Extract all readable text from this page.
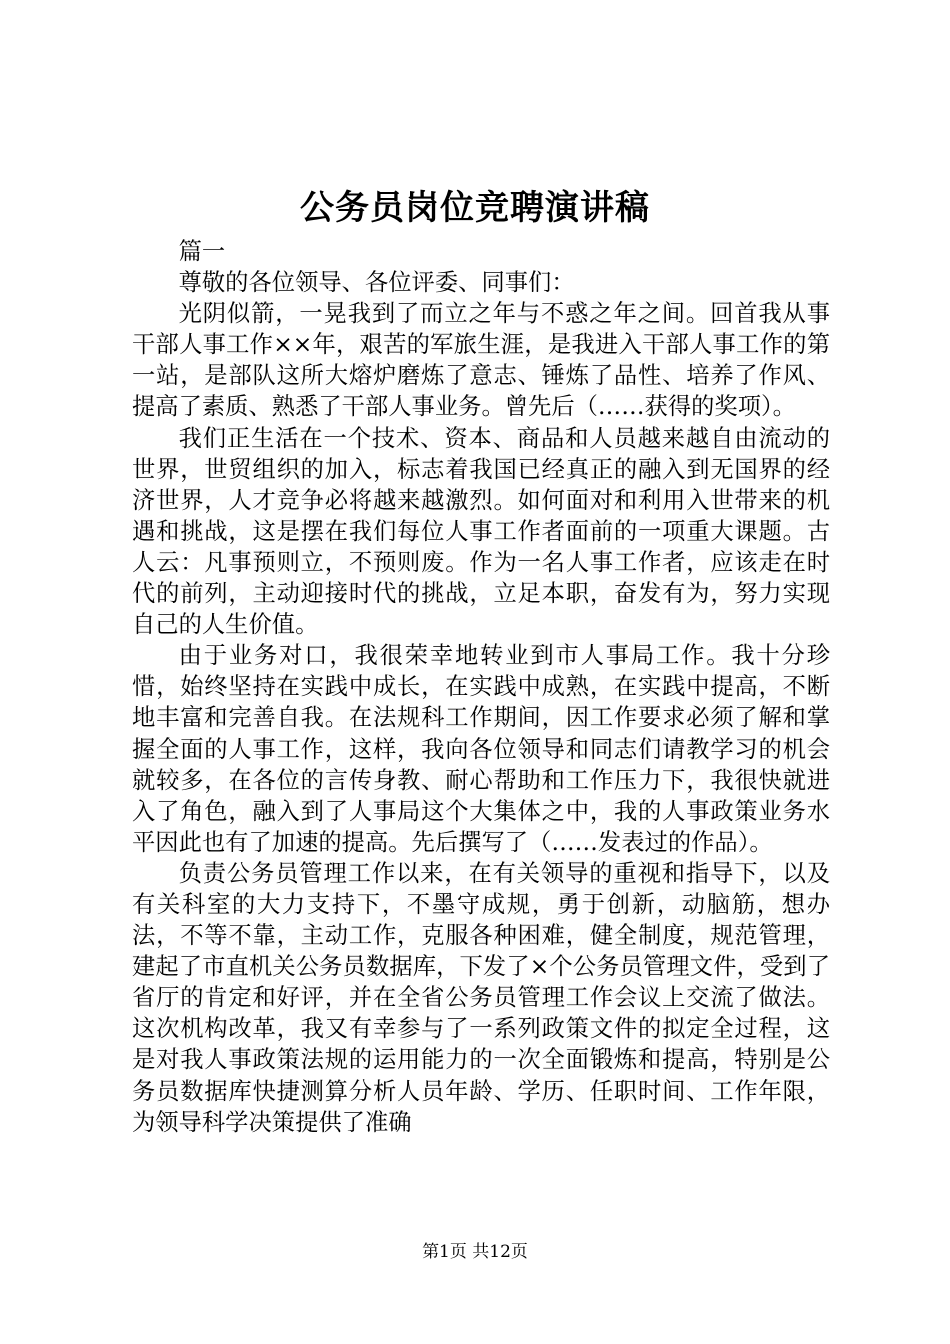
公务员岗位竞聘演讲稿

篇一

尊敬的各位领导、各位评委、同事们：

光阴似箭，一晃我到了而立之年与不惑之年之间。回首我从事干部人事工作××年，艰苦的军旅生涯，是我进入干部人事工作的第一站，是部队这所大熔炉磨炼了意志、锤炼了品性、培养了作风、提高了素质、熟悉了干部人事业务。曾先后（……获得的奖项）。

我们正生活在一个技术、资本、商品和人员越来越自由流动的世界，世贸组织的加入，标志着我国已经真正的融入到无国界的经济世界，人才竞争必将越来越激烈。如何面对和利用入世带来的机遇和挑战，这是摆在我们每位人事工作者面前的一项重大课题。古人云：凡事预则立，不预则废。作为一名人事工作者，应该走在时代的前列，主动迎接时代的挑战，立足本职，奋发有为，努力实现自己的人生价值。

由于业务对口，我很荣幸地转业到市人事局工作。我十分珍惜，始终坚持在实践中成长，在实践中成熟，在实践中提高，不断地丰富和完善自我。在法规科工作期间，因工作要求必须了解和掌握全面的人事工作，这样，我向各位领导和同志们请教学习的机会就较多，在各位的言传身教、耐心帮助和工作压力下，我很快就进入了角色，融入到了人事局这个大集体之中，我的人事政策业务水平因此也有了加速的提高。先后撰写了（……发表过的作品）。

负责公务员管理工作以来，在有关领导的重视和指导下，以及有关科室的大力支持下，不墨守成规，勇于创新，动脑筋，想办法，不等不靠，主动工作，克服各种困难，健全制度，规范管理，建起了市直机关公务员数据库，下发了×个公务员管理文件，受到了省厅的肯定和好评，并在全省公务员管理工作会议上交流了做法。这次机构改革，我又有幸参与了一系列政策文件的拟定全过程，这是对我人事政策法规的运用能力的一次全面锻炼和提高，特别是公务员数据库快捷测算分析人员年龄、学历、任职时间、工作年限，为领导科学决策提供了准确

第1页 共12页
